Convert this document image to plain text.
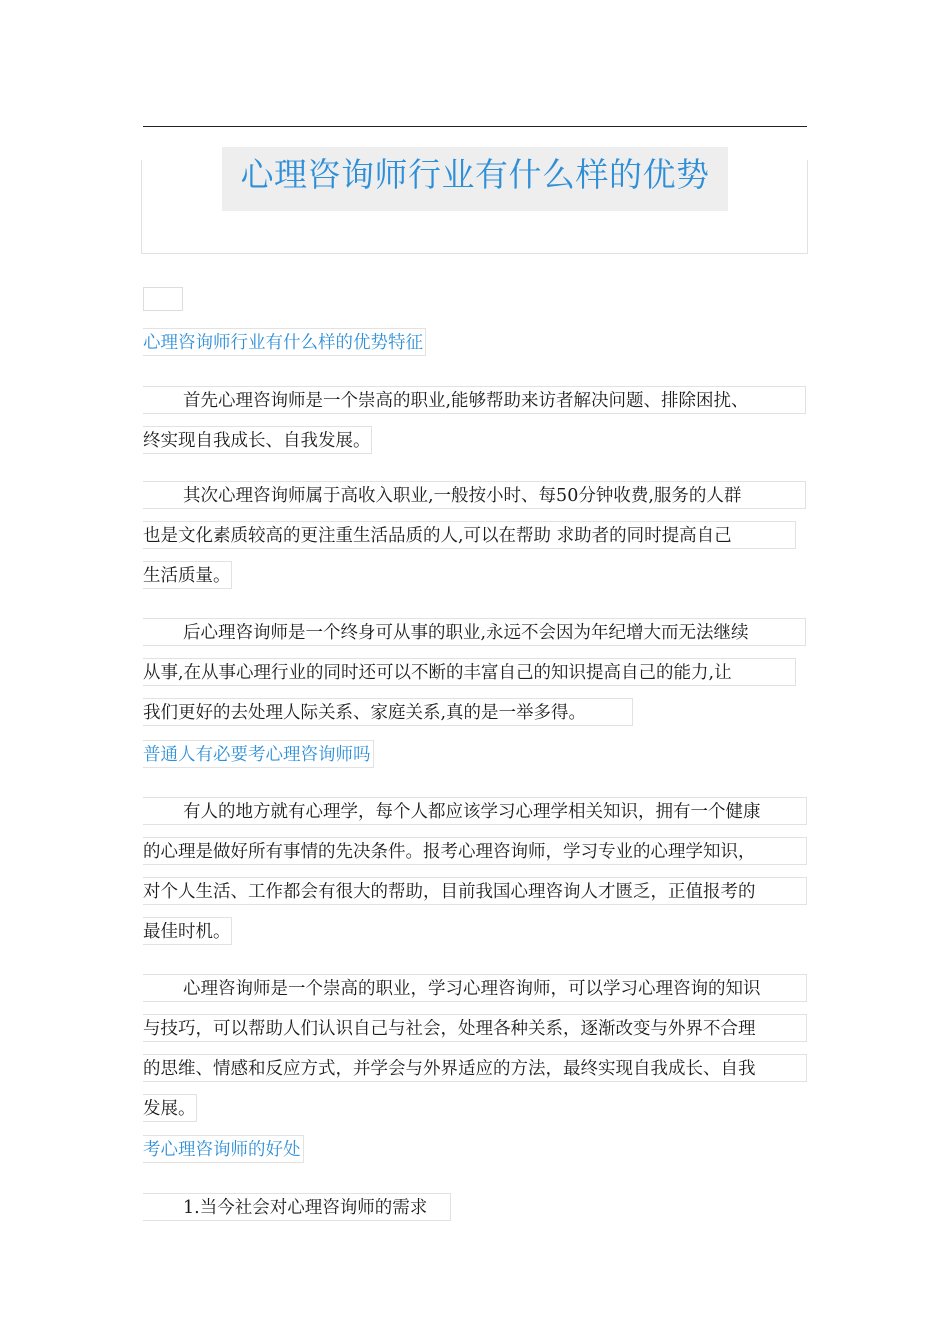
心理咨询师行业有什么样的优势
心理咨询师行业有什么样的优势特征
首先心理咨询师是一个崇高的职业,能够帮助来访者解决问题、排除困扰、
终实现自我成长、自我发展。
其次心理咨询师属于高收入职业,一般按小时、每50分钟收费,服务的人群
也是文化素质较高的更注重生活品质的人,可以在帮助 求助者的同时提高自己
生活质量。
后心理咨询师是一个终身可从事的职业,永远不会因为年纪增大而无法继续
从事,在从事心理行业的同时还可以不断的丰富自己的知识提高自己的能力,让
我们更好的去处理人际关系、家庭关系,真的是一举多得。
普通人有必要考心理咨询师吗
有人的地方就有心理学，每个人都应该学习心理学相关知识，拥有一个健康
的心理是做好所有事情的先决条件。报考心理咨询师，学习专业的心理学知识，
对个人生活、工作都会有很大的帮助，目前我国心理咨询人才匮乏，正值报考的
最佳时机。
心理咨询师是一个崇高的职业，学习心理咨询师，可以学习心理咨询的知识
与技巧，可以帮助人们认识自己与社会，处理各种关系，逐渐改变与外界不合理
的思维、情感和反应方式，并学会与外界适应的方法，最终实现自我成长、自我
发展。
考心理咨询师的好处
1.当今社会对心理咨询师的需求
